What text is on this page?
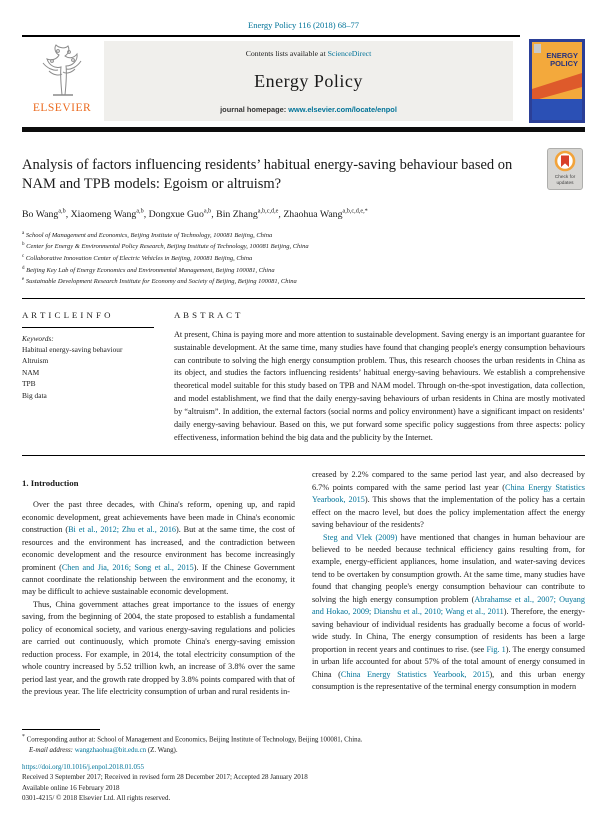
Energy Policy 116 (2018) 68–77
ELSEVIER
Contents lists available at ScienceDirect
Energy Policy
journal homepage: www.elsevier.com/locate/enpol
ENERGY
POLICY
Analysis of factors influencing residents’ habitual energy-saving behaviour based on NAM and TPB models: Egoism or altruism?	Check for
updates
Bo Wang$^{a,b}$, Xiaomeng Wang$^{a,b}$, Dongxue Guo$^{a,b}$, Bin Zhang$^{a,b,c,d,e}$, Zhaohua Wang$^{a,b,c,d,e,*}$
$^a$ School of Management and Economics, Beijing Institute of Technology, 100081 Beijing, China
$^b$ Center for Energy & Environmental Policy Research, Beijing Institute of Technology, 100081 Beijing, China
$^c$ Collaborative Innovation Center of Electric Vehicles in Beijing, 100081 Beijing, China
$^d$ Beijing Key Lab of Energy Economics and Environmental Management, Beijing 100081, China
$^e$ Sustainable Development Research Institute for Economy and Society of Beijing, Beijing 100081, China
A R T I C L E I N F O
Keywords:
Habitual energy-saving behaviour
Altruism
NAM
TPB
Big data
A B S T R A C T
At present, China is paying more and more attention to sustainable development. Saving energy is an important guarantee for sustainable development. At the same time, many studies have found that changing people's energy consumption behaviours can contribute to solving the high energy consumption problem. Thus, this research chooses the urban residents in China as its object, and studies the factors influencing residents’ habitual energy-saving behaviours. We establish a comprehensive theoretical model suitable for this study based on TPB and NAM model. Through on-the-spot investigation, data collection, and model establishment, we find that the daily energy-saving behaviours of urban residents in China are mostly motivated by “altruism”. In addition, the external factors (social norms and policy environment) have a significant impact on residents’ daily energy-saving behaviour. Based on this, we put forward some specific policy suggestions from three aspects: policy effectiveness, information behind the big data and the publicity by the Internet.
1. Introduction

Over the past three decades, with China's reform, opening up, and rapid economic development, great achievements have been made in China's economic construction (Bi et al., 2012; Zhu et al., 2016). But at the same time, the cost of resources and the environment has increased, and the contradiction between economic development and the resource environment has become increasingly prominent (Chen and Jia, 2016; Song et al., 2015). If the Chinese Government cannot coordinate the relationship between the environment and the economy, it may be difficult to achieve sustainable economic development.

Thus, China government attaches great importance to the issues of energy saving, from the beginning of 2004, the state proposed to establish a fundamental policy of economical society, and various energy-saving regulations and policies are carried out continuously, which promote China's energy-saving emission reduction process. For example, in 2014, the total electricity consumption of the whole country increased by 5.52 trillion kwh, an increase of 3.8% over the same period last year, and the growth rate dropped by 3.8% points compared with that of the previous year. The life electricity consumption of urban and rural residents in-

creased by 2.2% compared to the same period last year, and also decreased by 6.7% points compared with the same period last year (China Energy Statistics Yearbook, 2015). This shows that the implementation of the policy has a certain effect on the macro level, but does the policy implementation affect the energy saving behaviour of the residents?

Steg and Vlek (2009) have mentioned that changes in human behaviour are believed to be needed because technical efficiency gains resulting from, for example, energy-efficient appliances, home insulation, and water-saving devices tend to be overtaken by consumption growth. At the same time, many studies have found that changing people's energy consumption behaviour can contribute to solving the high energy consumption problem (Abrahamse et al., 2007; Ouyang and Hokao, 2009; Dianshu et al., 2010; Wang et al., 2011). Therefore, the energy-saving behaviour of individual residents has gradually become a focus of world-wide study. In China, The energy consumption of residents has been a large proportion in recent years and continues to rise. (see Fig. 1). The energy consumed in urban life accounted for about 57% of the total amount of energy consumed in China (China Energy Statistics Yearbook, 2015), and this urban energy consumption is the representative of the terminal energy consumption in modern

* Corresponding author at: School of Management and Economics, Beijing Institute of Technology, Beijing 100081, China.
E-mail address: wangzhaohua@bit.edu.cn (Z. Wang).
https://doi.org/10.1016/j.enpol.2018.01.055
Received 3 September 2017; Received in revised form 28 December 2017; Accepted 28 January 2018
Available online 16 February 2018
0301-4215/ © 2018 Elsevier Ltd. All rights reserved.
